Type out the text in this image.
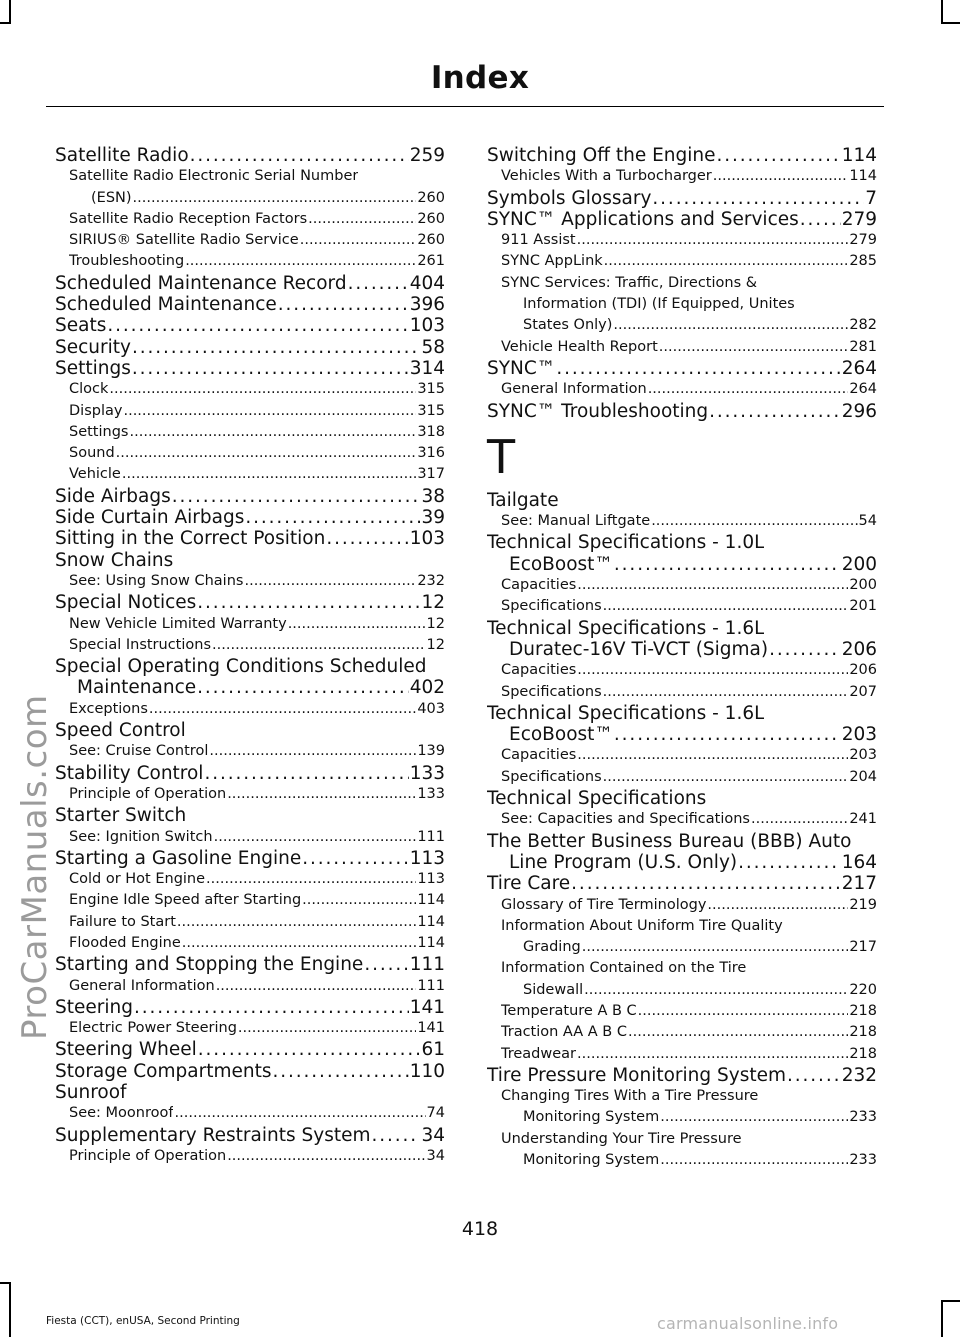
Index
ProCarManuals.com
Satellite Radio . . .	259
Satellite Radio Electronic Serial Number
(ESN) . . .	260
Satellite Radio Reception Factors . . .	260
SIRIUS® Satellite Radio Service . . .	260
Troubleshooting . . .	261
Scheduled Maintenance Record . . .	404
Scheduled Maintenance . . .	396
Seats . . .	103
Security . . .	58
Settings . . .	314
Clock . . .	315
Display . . .	315
Settings . . .	318
Sound . . .	316
Vehicle . . .	317
Side Airbags . . .	38
Side Curtain Airbags . . .	39
Sitting in the Correct Position . . .	103
Snow Chains
See: Using Snow Chains . . .	232
Special Notices . . .	12
New Vehicle Limited Warranty . . .	12
Special Instructions . . .	12
Special Operating Conditions Scheduled
Maintenance . . .	402
Exceptions . . .	403
Speed Control
See: Cruise Control . . .	139
Stability Control . . .	133
Principle of Operation . . .	133
Starter Switch
See: Ignition Switch . . .	111
Starting a Gasoline Engine . . .	113
Cold or Hot Engine . . .	113
Engine Idle Speed after Starting . . .	114
Failure to Start . . .	114
Flooded Engine . . .	114
Starting and Stopping the Engine . . .	111
General Information . . .	111
Steering . . .	141
Electric Power Steering . . .	141
Steering Wheel . . .	61
Storage Compartments . . .	110
Sunroof
See: Moonroof . . .	74
Supplementary Restraints System . . .	34
Principle of Operation . . .	34
Switching Off the Engine . . .	114
Vehicles With a Turbocharger . . .	114
Symbols Glossary . . .	7
SYNC™ Applications and Services . . . 279
911 Assist . . .	279
SYNC AppLink . . .	285
SYNC Services: Traffic, Directions &
Information (TDI) (If Equipped, Unites
States Only) . . .	282
Vehicle Health Report . . .	281
SYNC™ . . .	264
General Information . . .	264
SYNC™ Troubleshooting . . .	296
T
Tailgate
See: Manual Liftgate . . .	54
Technical Specifications - 1.0L
EcoBoost™ . . .	200
Capacities . . .	200
Specifications . . .	201
Technical Specifications - 1.6L
Duratec-16V Ti-VCT (Sigma) . . .	206
Capacities . . .	206
Specifications . . .	207
Technical Specifications - 1.6L
EcoBoost™ . . .	203
Capacities . . .	203
Specifications . . .	204
Technical Specifications
See: Capacities and Specifications . . .	241
The Better Business Bureau (BBB) Auto
Line Program (U.S. Only) . . .	164
Tire Care . . .	217
Glossary of Tire Terminology . . .	219
Information About Uniform Tire Quality
Grading . . .	217
Information Contained on the Tire
Sidewall . . .	220
Temperature A B C . . .	218
Traction AA A B C . . .	218
Treadwear . . .	218
Tire Pressure Monitoring System . . .	232
Changing Tires With a Tire Pressure
Monitoring System . . .	233
Understanding Your Tire Pressure
Monitoring System . . .	233
418
Fiesta (CCT), enUSA, Second Printing	carmanualsonline.info
